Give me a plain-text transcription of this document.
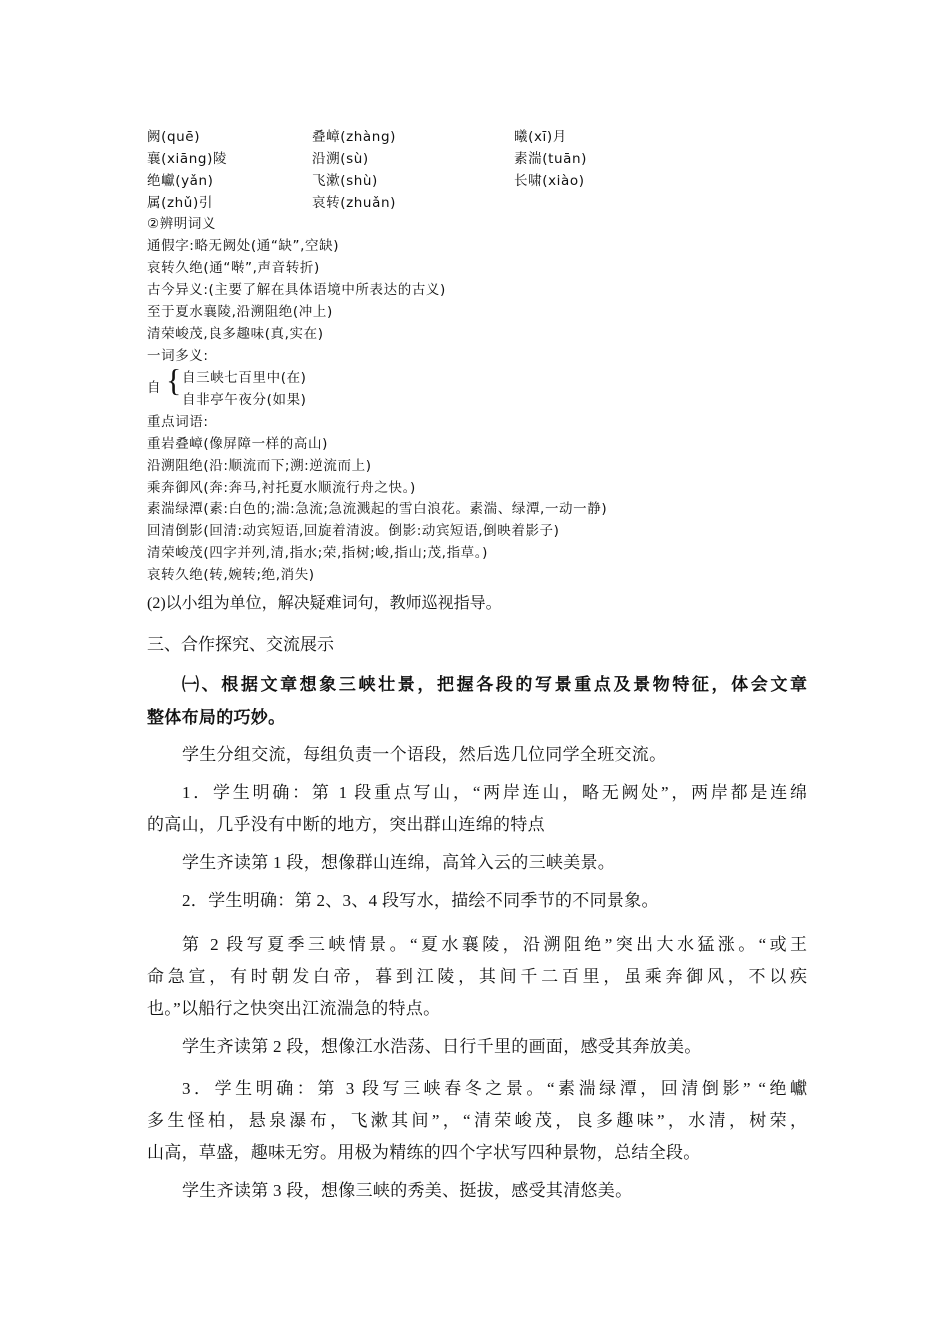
阙(quē)	叠嶂(zhàng)	曦(xī)月
襄(xiāng)陵	沿溯(sù)	素湍(tuān)
绝巘(yǎn)	飞漱(shù)	长啸(xiào)
属(zhǔ)引	哀转(zhuǎn)
②辨明词义
通假字:略无阙处(通“缺”,空缺)
哀转久绝(通“啭”,声音转折)
古今异义:(主要了解在具体语境中所表达的古义)
至于夏水襄陵,沿溯阻绝(冲上)
清荣峻茂,良多趣味(真,实在)
一词多义:
自 { 自三峡七百里中(在)
自非亭午夜分(如果)
重点词语:
重岩叠嶂(像屏障一样的高山)
沿溯阻绝(沿:顺流而下;溯:逆流而上)
乘奔御风(奔:奔马,衬托夏水顺流行舟之快。)
素湍绿潭(素:白色的;湍:急流;急流溅起的雪白浪花。素湍、绿潭,一动一静)
回清倒影(回清:动宾短语,回旋着清波。倒影:动宾短语,倒映着影子)
清荣峻茂(四字并列,清,指水;荣,指树;峻,指山;茂,指草。)
哀转久绝(转,婉转;绝,消失)
(2)以小组为单位，解决疑难词句，教师巡视指导。
三、合作探究、交流展示
㈠、根据文章想象三峡壮景，把握各段的写景重点及景物特征，体会文章
整体布局的巧妙。
学生分组交流，每组负责一个语段，然后选几位同学全班交流。
1．学生明确：第 1 段重点写山，“两岸连山，略无阙处”，两岸都是连绵
的高山，几乎没有中断的地方，突出群山连绵的特点
学生齐读第 1 段，想像群山连绵，高耸入云的三峡美景。
2．学生明确：第 2、3、4 段写水，描绘不同季节的不同景象。
第 2 段写夏季三峡情景。“夏水襄陵，沿溯阻绝”突出大水猛涨。“或王
命急宣，有时朝发白帝，暮到江陵，其间千二百里，虽乘奔御风，不以疾
也。”以船行之快突出江流湍急的特点。
学生齐读第 2 段，想像江水浩荡、日行千里的画面，感受其奔放美。
3．学生明确：第 3 段写三峡春冬之景。“素湍绿潭，回清倒影” “绝巘
多生怪柏，悬泉瀑布，飞漱其间”，“清荣峻茂，良多趣味”，水清，树荣，
山高，草盛，趣味无穷。用极为精练的四个字状写四种景物，总结全段。
学生齐读第 3 段，想像三峡的秀美、挺拔，感受其清悠美。
